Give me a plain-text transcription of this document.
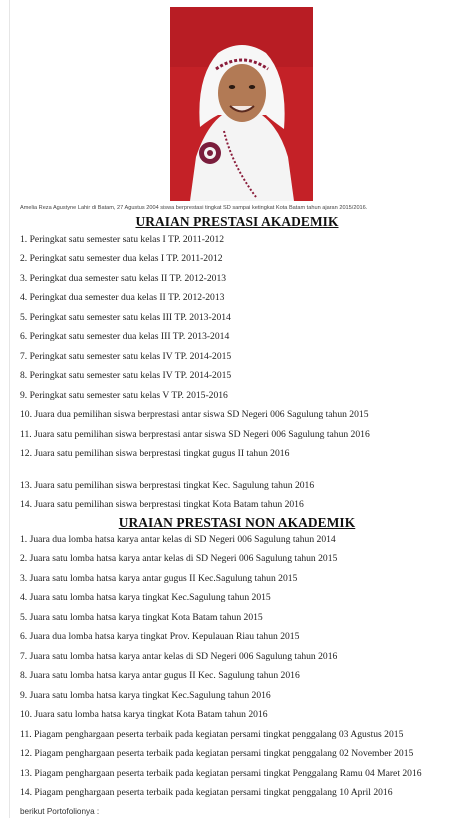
Amelia Reza Agustyne Lahir di Batam, 27 Agustus 2004 siswa berprestasi tingkat SD sampai ketingkat Kota Batam tahun ajaran 2015/2016.
URAIAN PRESTASI AKADEMIK
1. Peringkat satu semester satu kelas I TP. 2011-2012
2. Peringkat satu semester dua kelas I TP. 2011-2012
3. Peringkat dua semester satu kelas II TP. 2012-2013
4. Peringkat dua semester dua kelas II TP. 2012-2013
5. Peringkat satu semester satu kelas III TP. 2013-2014
6. Peringkat satu semester dua kelas III TP. 2013-2014
7. Peringkat satu semester satu kelas IV TP. 2014-2015
8. Peringkat satu semester satu kelas IV TP. 2014-2015
9. Peringkat satu semester satu kelas V TP. 2015-2016
10. Juara dua pemilihan siswa berprestasi antar siswa SD Negeri 006 Sagulung tahun 2015
11. Juara satu pemilihan siswa berprestasi antar siswa SD Negeri 006 Sagulung tahun 2016
12. Juara satu pemilihan siswa berprestasi tingkat gugus II tahun 2016
13. Juara satu pemilihan siswa berprestasi tingkat Kec. Sagulung tahun 2016
14. Juara satu pemilihan siswa berprestasi tingkat Kota Batam tahun 2016
URAIAN PRESTASI NON AKADEMIK
1. Juara dua lomba hatsa karya antar kelas di SD Negeri 006 Sagulung tahun 2014
2. Juara satu lomba hatsa karya antar kelas di SD Negeri 006 Sagulung tahun 2015
3. Juara satu lomba hatsa karya antar gugus II Kec.Sagulung tahun 2015
4. Juara satu lomba hatsa karya tingkat Kec.Sagulung tahun 2015
5. Juara satu lomba hatsa karya tingkat Kota Batam tahun 2015
6. Juara dua lomba hatsa karya tingkat Prov. Kepulauan Riau tahun 2015
7. Juara satu lomba hatsa karya antar kelas di SD Negeri 006 Sagulung tahun 2016
8. Juara satu lomba hatsa karya antar gugus II Kec. Sagulung tahun 2016
9. Juara satu lomba hatsa karya tingkat Kec.Sagulung tahun 2016
10. Juara satu lomba hatsa karya tingkat Kota Batam tahun 2016
11. Piagam penghargaan peserta terbaik pada kegiatan persami tingkat penggalang 03 Agustus 2015
12. Piagam penghargaan peserta terbaik pada kegiatan persami tingkat penggalang 02 November 2015
13. Piagam penghargaan peserta terbaik pada kegiatan persami tingkat Penggalang Ramu 04 Maret 2016
14. Piagam penghargaan peserta terbaik pada kegiatan persami tingkat penggalang 10 April 2016
berikut Portofolionya :
